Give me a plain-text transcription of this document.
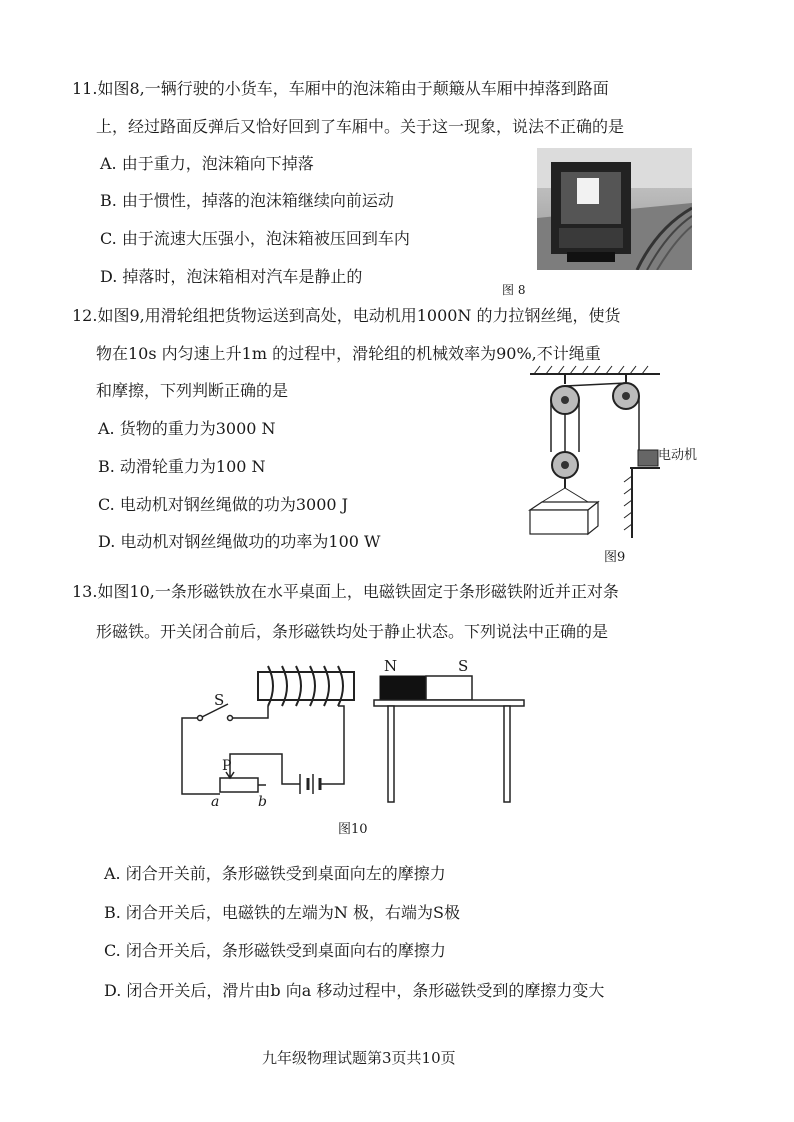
11.如图8,一辆行驶的小货车，车厢中的泡沫箱由于颠簸从车厢中掉落到路面
上，经过路面反弹后又恰好回到了车厢中。关于这一现象，说法不正确的是
A. 由于重力，泡沫箱向下掉落
B. 由于惯性，掉落的泡沫箱继续向前运动
C. 由于流速大压强小，泡沫箱被压回到车内
D. 掉落时，泡沫箱相对汽车是静止的
图 8
12.如图9,用滑轮组把货物运送到高处，电动机用1000N 的力拉钢丝绳，使货
物在10s 内匀速上升1m 的过程中，滑轮组的机械效率为90%,不计绳重
和摩擦，下列判断正确的是
A. 货物的重力为3000 N
B. 动滑轮重力为100 N
C. 电动机对钢丝绳做的功为3000 J
D. 电动机对钢丝绳做功的功率为100 W
电动机
图9
13.如图10,一条形磁铁放在水平桌面上，电磁铁固定于条形磁铁附近并正对条
形磁铁。开关闭合前后，条形磁铁均处于静止状态。下列说法中正确的是
S
P
a	b
N	S
图10
A. 闭合开关前，条形磁铁受到桌面向左的摩擦力
B. 闭合开关后，电磁铁的左端为N 极，右端为S极
C. 闭合开关后，条形磁铁受到桌面向右的摩擦力
D. 闭合开关后，滑片由b 向a 移动过程中，条形磁铁受到的摩擦力变大
九年级物理试题第3页共10页
